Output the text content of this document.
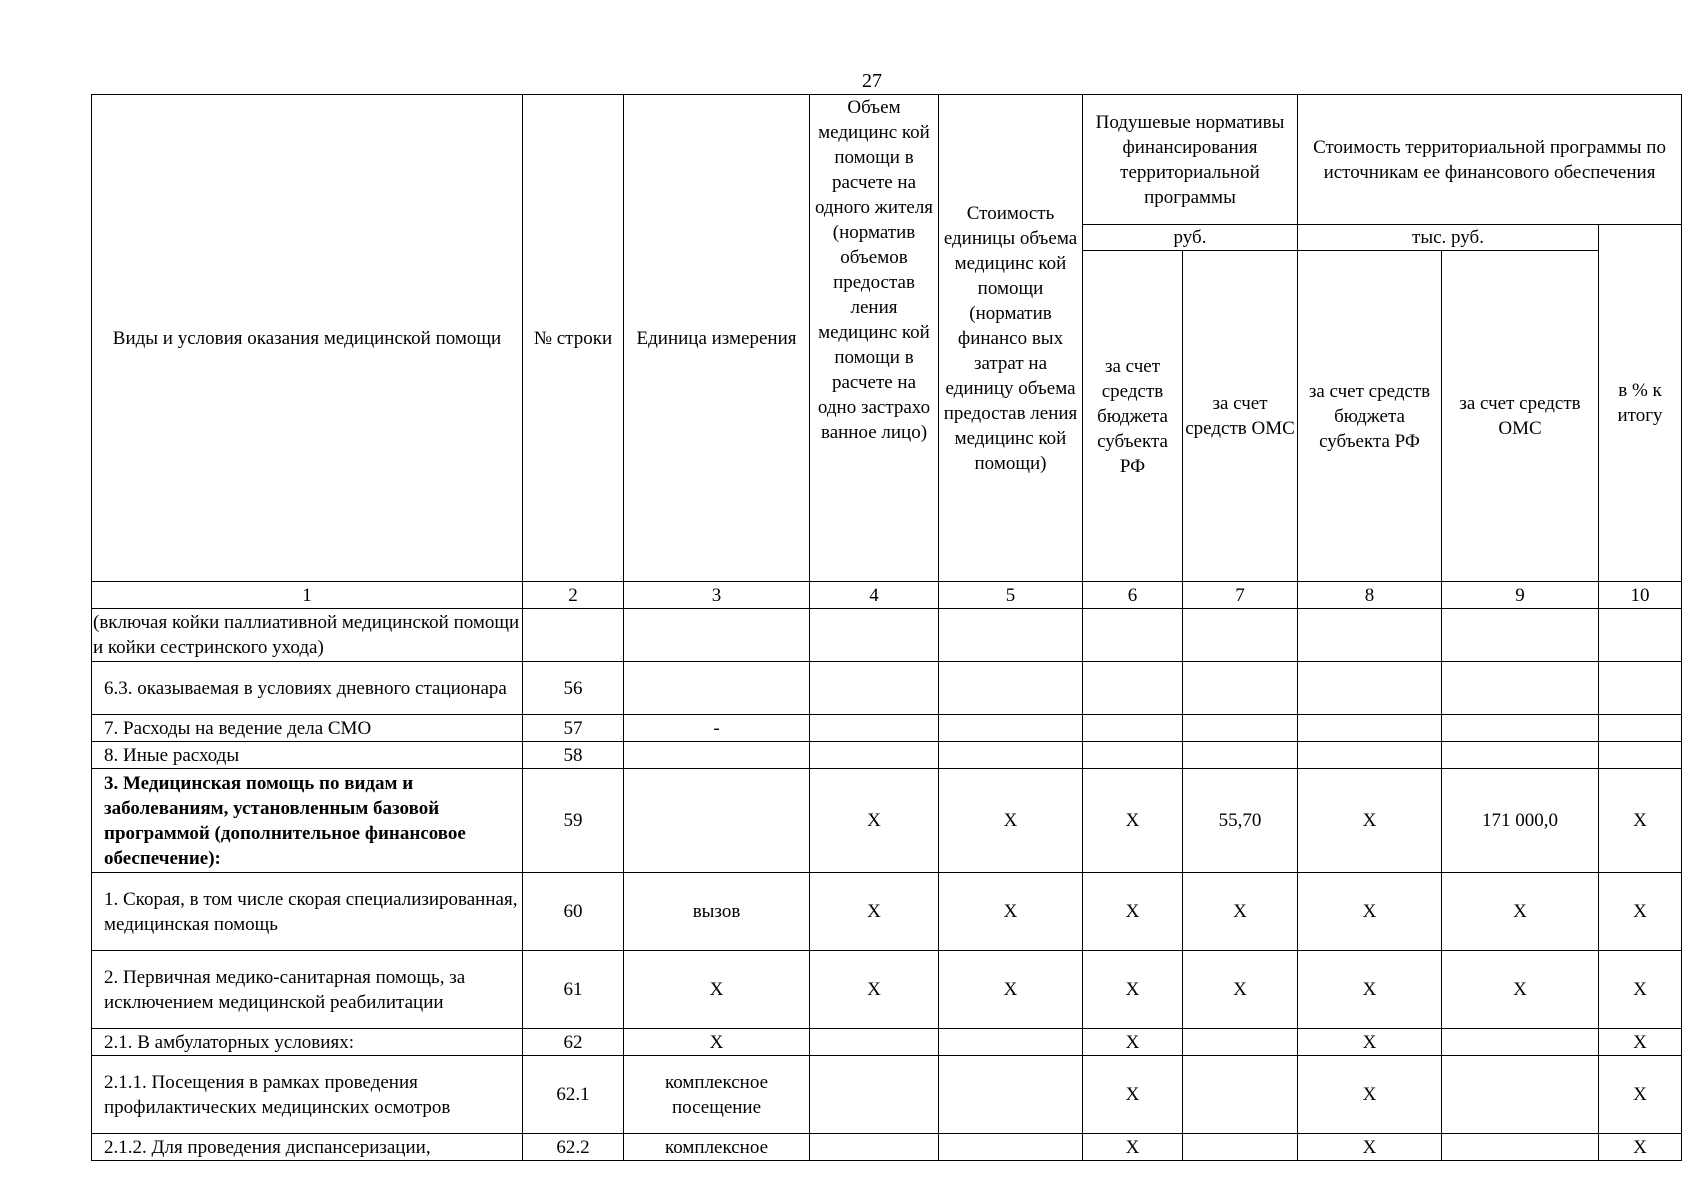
27
Виды и условия оказания медицинской помощи	№ строки	Единица измерения	Объем медицинс кой помощи в расчете на одного жителя (норматив объемов предостав ления медицинс кой помощи в расчете на одно застрахо ванное лицо)	Стоимость единицы объема медицинс кой помощи (норматив финансо вых затрат на единицу объема предостав ления медицинс кой помощи)	Подушевые нормативы финансирования территориальной программы		Стоимость территориальной программы по источникам ее финансового обеспечения		
					руб.		тыс. руб.		в % к итогу
					за счет средств бюджета субъекта РФ	за счет средств ОМС	за счет средств бюджета субъекта РФ	за счет средств ОМС	
1	2	3	4	5	6	7	8	9	10
(включая койки паллиативной медицинской помощи и койки сестринского ухода)									
6.3. оказываемая в условиях дневного стационара	56								
7. Расходы на ведение дела СМО	57	-							
8. Иные расходы	58								
3. Медицинская помощь по видам и заболеваниям, установленным базовой программой (дополнительное финансовое обеспечение):	59		Х	Х	Х	55,70	Х	171 000,0	Х
1. Скорая, в том числе скорая специализированная, медицинская помощь	60	вызов	Х	Х	Х	Х	Х	Х	Х
2. Первичная медико-санитарная помощь, за исключением медицинской реабилитации	61	Х	Х	Х	Х	Х	Х	Х	Х
2.1. В амбулаторных условиях:	62	Х			Х		Х		Х
2.1.1. Посещения в рамках проведения профилактических медицинских осмотров	62.1	комплексное посещение			Х		Х		Х
2.1.2. Для проведения диспансеризации,	62.2	комплексное			Х		Х		Х
